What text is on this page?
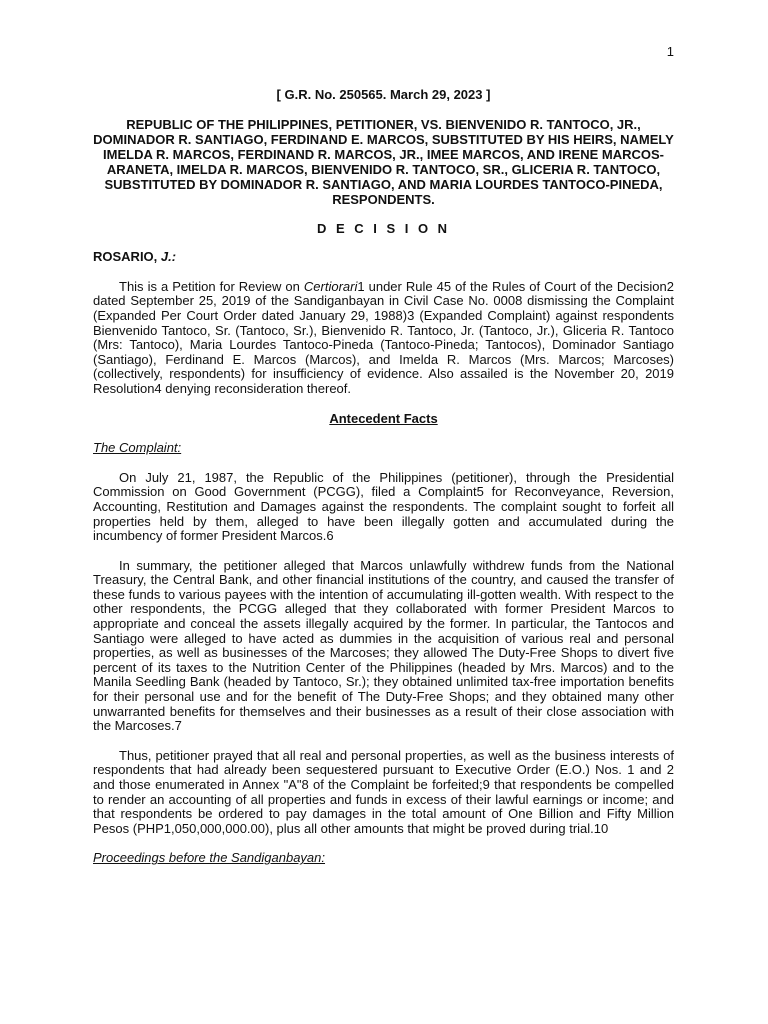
1
[ G.R. No. 250565. March 29, 2023 ]
REPUBLIC OF THE PHILIPPINES, PETITIONER, VS. BIENVENIDO R. TANTOCO, JR., DOMINADOR R. SANTIAGO, FERDINAND E. MARCOS, SUBSTITUTED BY HIS HEIRS, NAMELY IMELDA R. MARCOS, FERDINAND R. MARCOS, JR., IMEE MARCOS, AND IRENE MARCOS-ARANETA, IMELDA R. MARCOS, BIENVENIDO R. TANTOCO, SR., GLICERIA R. TANTOCO, SUBSTITUTED BY DOMINADOR R. SANTIAGO, AND MARIA LOURDES TANTOCO-PINEDA, RESPONDENTS.
D E C I S I O N
ROSARIO, J.:

This is a Petition for Review on Certiorari1 under Rule 45 of the Rules of Court of the Decision2 dated September 25, 2019 of the Sandiganbayan in Civil Case No. 0008 dismissing the Complaint (Expanded Per Court Order dated January 29, 1988)3 (Expanded Complaint) against respondents Bienvenido Tantoco, Sr. (Tantoco, Sr.), Bienvenido R. Tantoco, Jr. (Tantoco, Jr.), Gliceria R. Tantoco (Mrs: Tantoco), Maria Lourdes Tantoco-Pineda (Tantoco-Pineda; Tantocos), Dominador Santiago (Santiago), Ferdinand E. Marcos (Marcos), and Imelda R. Marcos (Mrs. Marcos; Marcoses) (collectively, respondents) for insufficiency of evidence. Also assailed is the November 20, 2019 Resolution4 denying reconsideration thereof.

Antecedent Facts
The Complaint:

On July 21, 1987, the Republic of the Philippines (petitioner), through the Presidential Commission on Good Government (PCGG), filed a Complaint5 for Reconveyance, Reversion, Accounting, Restitution and Damages against the respondents. The complaint sought to forfeit all properties held by them, alleged to have been illegally gotten and accumulated during the incumbency of former President Marcos.6

In summary, the petitioner alleged that Marcos unlawfully withdrew funds from the National Treasury, the Central Bank, and other financial institutions of the country, and caused the transfer of these funds to various payees with the intention of accumulating ill-gotten wealth. With respect to the other respondents, the PCGG alleged that they collaborated with former President Marcos to appropriate and conceal the assets illegally acquired by the former. In particular, the Tantocos and Santiago were alleged to have acted as dummies in the acquisition of various real and personal properties, as well as businesses of the Marcoses; they allowed The Duty-Free Shops to divert five percent of its taxes to the Nutrition Center of the Philippines (headed by Mrs. Marcos) and to the Manila Seedling Bank (headed by Tantoco, Sr.); they obtained unlimited tax-free importation benefits for their personal use and for the benefit of The Duty-Free Shops; and they obtained many other unwarranted benefits for themselves and their businesses as a result of their close association with the Marcoses.7

Thus, petitioner prayed that all real and personal properties, as well as the business interests of respondents that had already been sequestered pursuant to Executive Order (E.O.) Nos. 1 and 2 and those enumerated in Annex "A"8 of the Complaint be forfeited;9 that respondents be compelled to render an accounting of all properties and funds in excess of their lawful earnings or income; and that respondents be ordered to pay damages in the total amount of One Billion and Fifty Million Pesos (PHP1,050,000,000.00), plus all other amounts that might be proved during trial.10

Proceedings before the Sandiganbayan:
